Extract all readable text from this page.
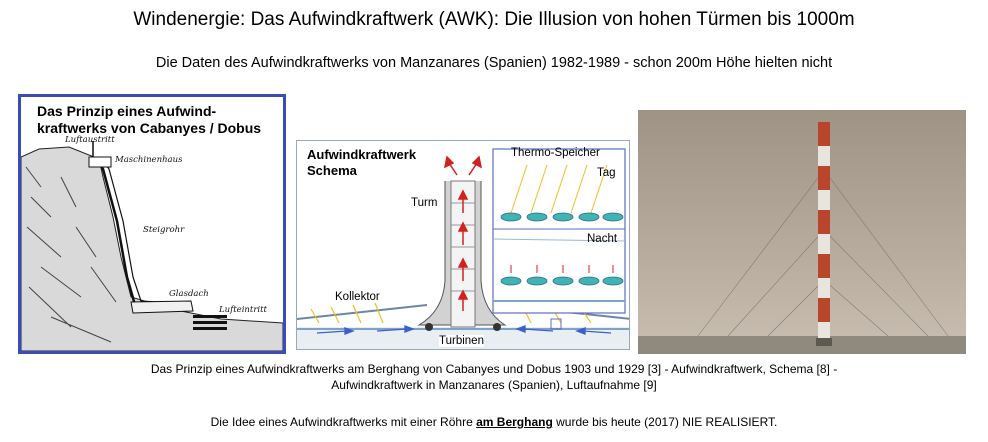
Windenergie: Das Aufwindkraftwerk (AWK): Die Illusion von hohen Türmen bis 1000m
Die Daten des Aufwindkraftwerks von Manzanares (Spanien) 1982-1989 - schon 200m Höhe hielten nicht
Das Prinzip eines Aufwind-
kraftwerks von Cabanyes / Dobus
Luftaustritt
Maschinenhaus
Steigrohr
Glasdach
Lufteintritt
Aufwindkraftwerk
Schema
Turm
Kollektor
Turbinen
Thermo-Speicher
Tag
Nacht
Das Prinzip eines Aufwindkraftwerks am Berghang von Cabanyes und Dobus 1903 und 1929 [3] - Aufwindkraftwerk, Schema [8] -
Aufwindkraftwerk in Manzanares (Spanien), Luftaufnahme [9]
Die Idee eines Aufwindkraftwerks mit einer Röhre am Berghang wurde bis heute (2017) NIE REALISIERT.
